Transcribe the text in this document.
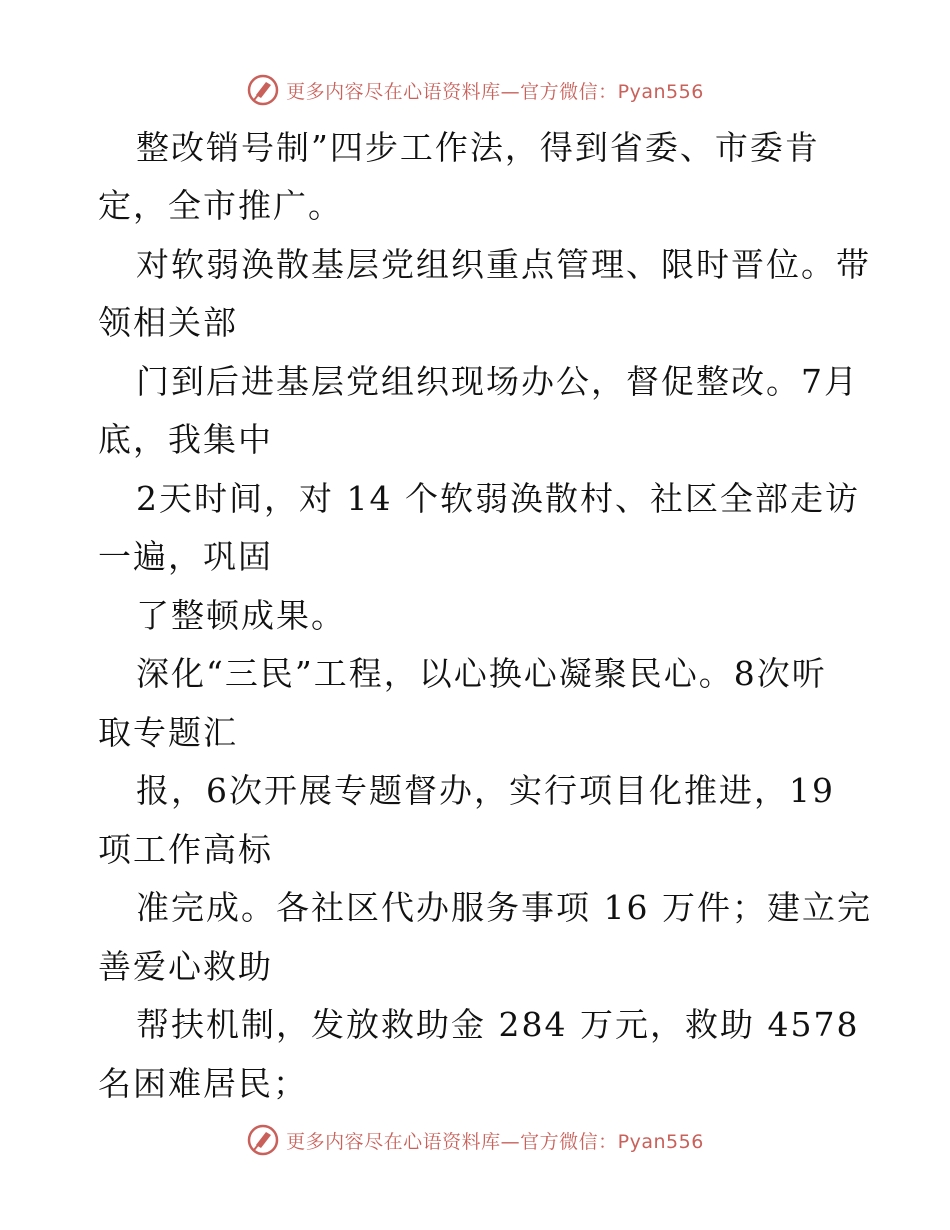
更多内容尽在心语资料库—官方微信：Pyan556
整改销号制”四步工作法，得到省委、市委肯
定，全市推广。
对软弱涣散基层党组织重点管理、限时晋位。带
领相关部
门到后进基层党组织现场办公，督促整改。7月
底，我集中
2天时间，对 14 个软弱涣散村、社区全部走访
一遍，巩固
了整顿成果。
深化“三民”工程，以心换心凝聚民心。8次听
取专题汇
报，6次开展专题督办，实行项目化推进，19
项工作高标
准完成。各社区代办服务事项 16 万件；建立完
善爱心救助
帮扶机制，发放救助金 284 万元，救助 4578
名困难居民；
更多内容尽在心语资料库—官方微信：Pyan556
